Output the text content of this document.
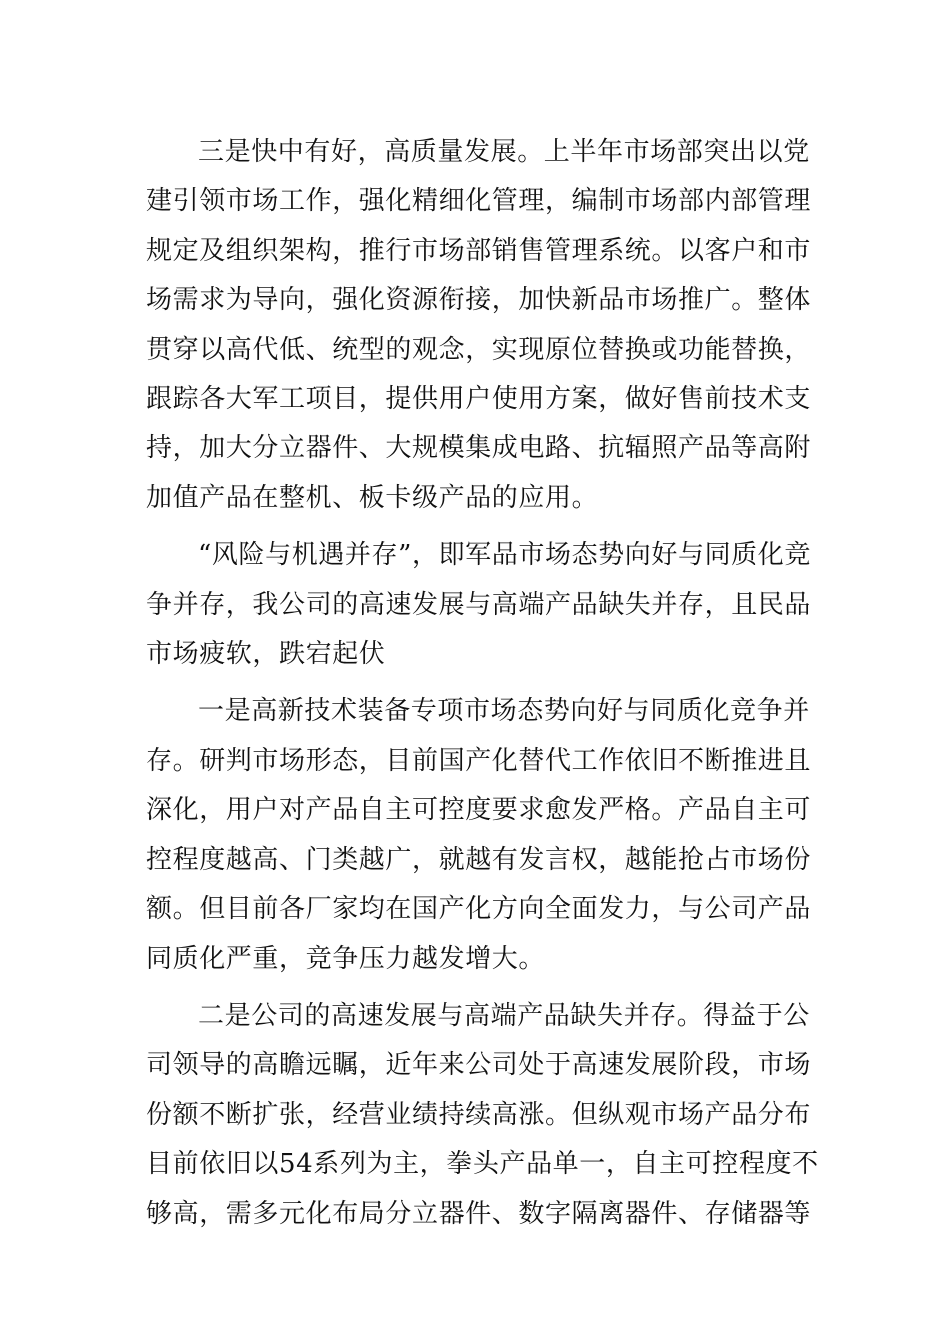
三是快中有好，高质量发展。上半年市场部突出以党
建引领市场工作，强化精细化管理，编制市场部内部管理
规定及组织架构，推行市场部销售管理系统。以客户和市
场需求为导向，强化资源衔接，加快新品市场推广。整体
贯穿以高代低、统型的观念，实现原位替换或功能替换，
跟踪各大军工项目，提供用户使用方案，做好售前技术支
持，加大分立器件、大规模集成电路、抗辐照产品等高附
加值产品在整机、板卡级产品的应用。
“风险与机遇并存”，即军品市场态势向好与同质化竞
争并存，我公司的高速发展与高端产品缺失并存，且民品
市场疲软，跌宕起伏
一是高新技术装备专项市场态势向好与同质化竞争并
存。研判市场形态，目前国产化替代工作依旧不断推进且
深化，用户对产品自主可控度要求愈发严格。产品自主可
控程度越高、门类越广，就越有发言权，越能抢占市场份
额。但目前各厂家均在国产化方向全面发力，与公司产品
同质化严重，竞争压力越发增大。
二是公司的高速发展与高端产品缺失并存。得益于公
司领导的高瞻远瞩，近年来公司处于高速发展阶段，市场
份额不断扩张，经营业绩持续高涨。但纵观市场产品分布
目前依旧以54系列为主，拳头产品单一，自主可控程度不
够高，需多元化布局分立器件、数字隔离器件、存储器等
